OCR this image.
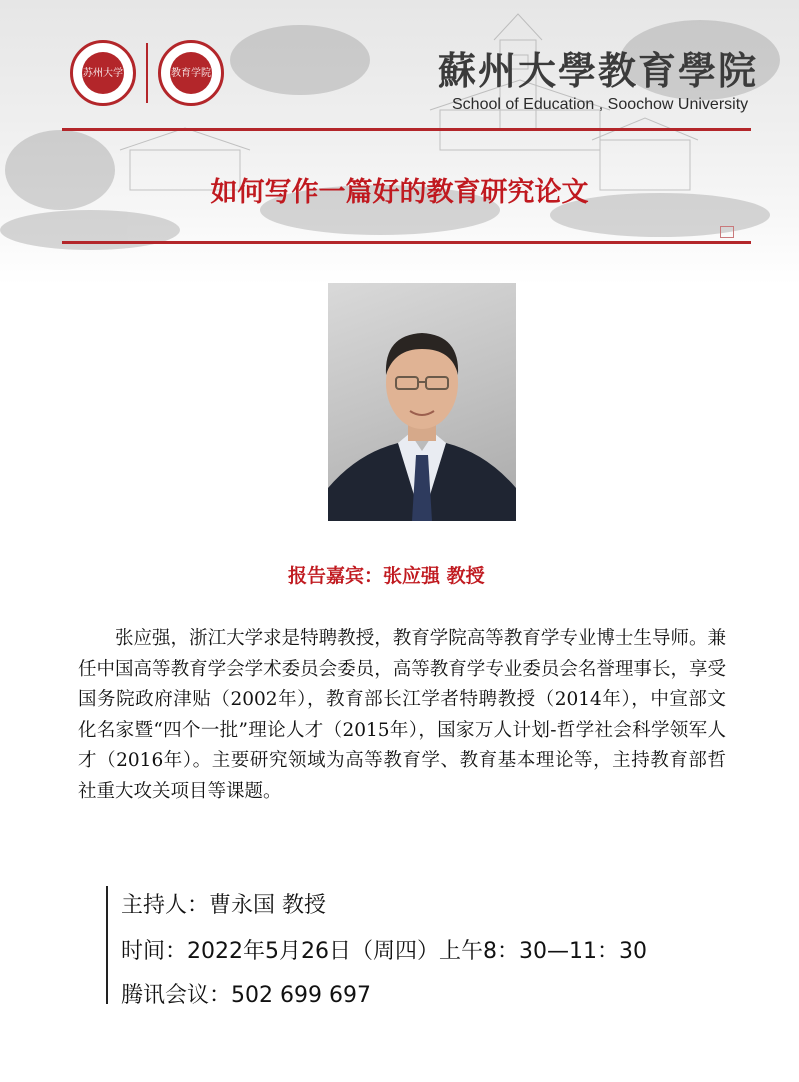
苏州大学	教育学院	蘇州大學教育學院
School of Education , Soochow University
如何写作一篇好的教育研究论文
报告嘉宾：张应强 教授

张应强，浙江大学求是特聘教授，教育学院高等教育学专业博士生导师。兼任中国高等教育学会学术委员会委员，高等教育学专业委员会名誉理事长，享受国务院政府津贴（2002年），教育部长江学者特聘教授（2014年），中宣部文化名家暨“四个一批”理论人才（2015年），国家万人计划-哲学社会科学领军人才（2016年）。主要研究领域为高等教育学、教育基本理论等，主持教育部哲社重大攻关项目等课题。

主持人：曹永国 教授
时间：2022年5月26日（周四）上午8：30—11：30
腾讯会议：502 699 697
